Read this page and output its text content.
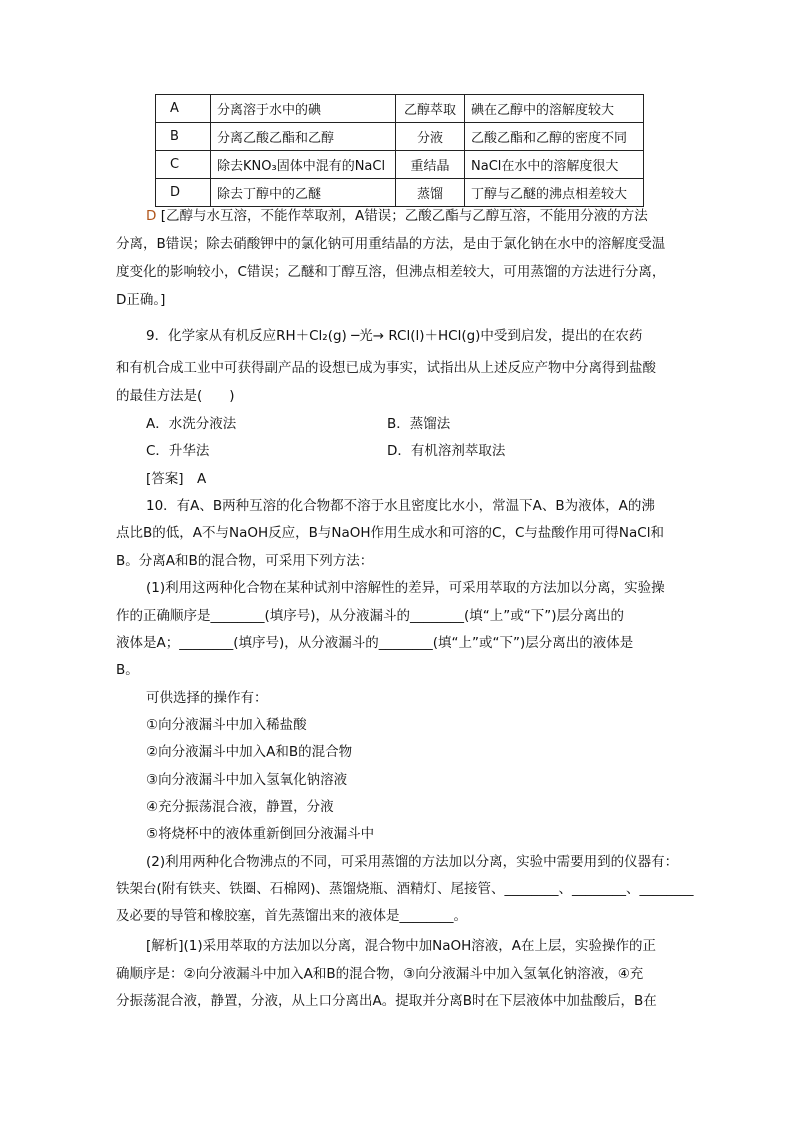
A	分离溶于水中的碘	乙醇萃取	碘在乙醇中的溶解度较大
B	分离乙酸乙酯和乙醇	分液	乙酸乙酯和乙醇的密度不同
C	除去KNO₃固体中混有的NaCl	重结晶	NaCl在水中的溶解度很大
D	除去丁醇中的乙醚	蒸馏	丁醇与乙醚的沸点相差较大
D [乙醇与水互溶，不能作萃取剂，A错误；乙酸乙酯与乙醇互溶，不能用分液的方法
分离，B错误；除去硝酸钾中的氯化钠可用重结晶的方法，是由于氯化钠在水中的溶解度受温
度变化的影响较小，C错误；乙醚和丁醇互溶，但沸点相差较大，可用蒸馏的方法进行分离，
D正确。]
9．化学家从有机反应RH＋Cl₂(g) ─光→ RCl(l)＋HCl(g)中受到启发，提出的在农药
和有机合成工业中可获得副产品的设想已成为事实，试指出从上述反应产物中分离得到盐酸
的最佳方法是(　　)
A．水洗分液法	B．蒸馏法
C．升华法	D．有机溶剂萃取法
[答案]　A
10．有A、B两种互溶的化合物都不溶于水且密度比水小，常温下A、B为液体，A的沸
点比B的低，A不与NaOH反应，B与NaOH作用生成水和可溶的C，C与盐酸作用可得NaCl和
B。分离A和B的混合物，可采用下列方法：
(1)利用这两种化合物在某种试剂中溶解性的差异，可采用萃取的方法加以分离，实验操
作的正确顺序是________(填序号)，从分液漏斗的________(填“上”或“下”)层分离出的
液体是A；________(填序号)，从分液漏斗的________(填“上”或“下”)层分离出的液体是
B。
可供选择的操作有：
①向分液漏斗中加入稀盐酸
②向分液漏斗中加入A和B的混合物
③向分液漏斗中加入氢氧化钠溶液
④充分振荡混合液，静置，分液
⑤将烧杯中的液体重新倒回分液漏斗中
(2)利用两种化合物沸点的不同，可采用蒸馏的方法加以分离，实验中需要用到的仪器有：
铁架台(附有铁夹、铁圈、石棉网)、蒸馏烧瓶、酒精灯、尾接管、________、________、________
及必要的导管和橡胶塞，首先蒸馏出来的液体是________。
[解析](1)采用萃取的方法加以分离，混合物中加NaOH溶液，A在上层，实验操作的正
确顺序是：②向分液漏斗中加入A和B的混合物，③向分液漏斗中加入氢氧化钠溶液，④充
分振荡混合液，静置，分液，从上口分离出A。提取并分离B时在下层液体中加盐酸后，B在
